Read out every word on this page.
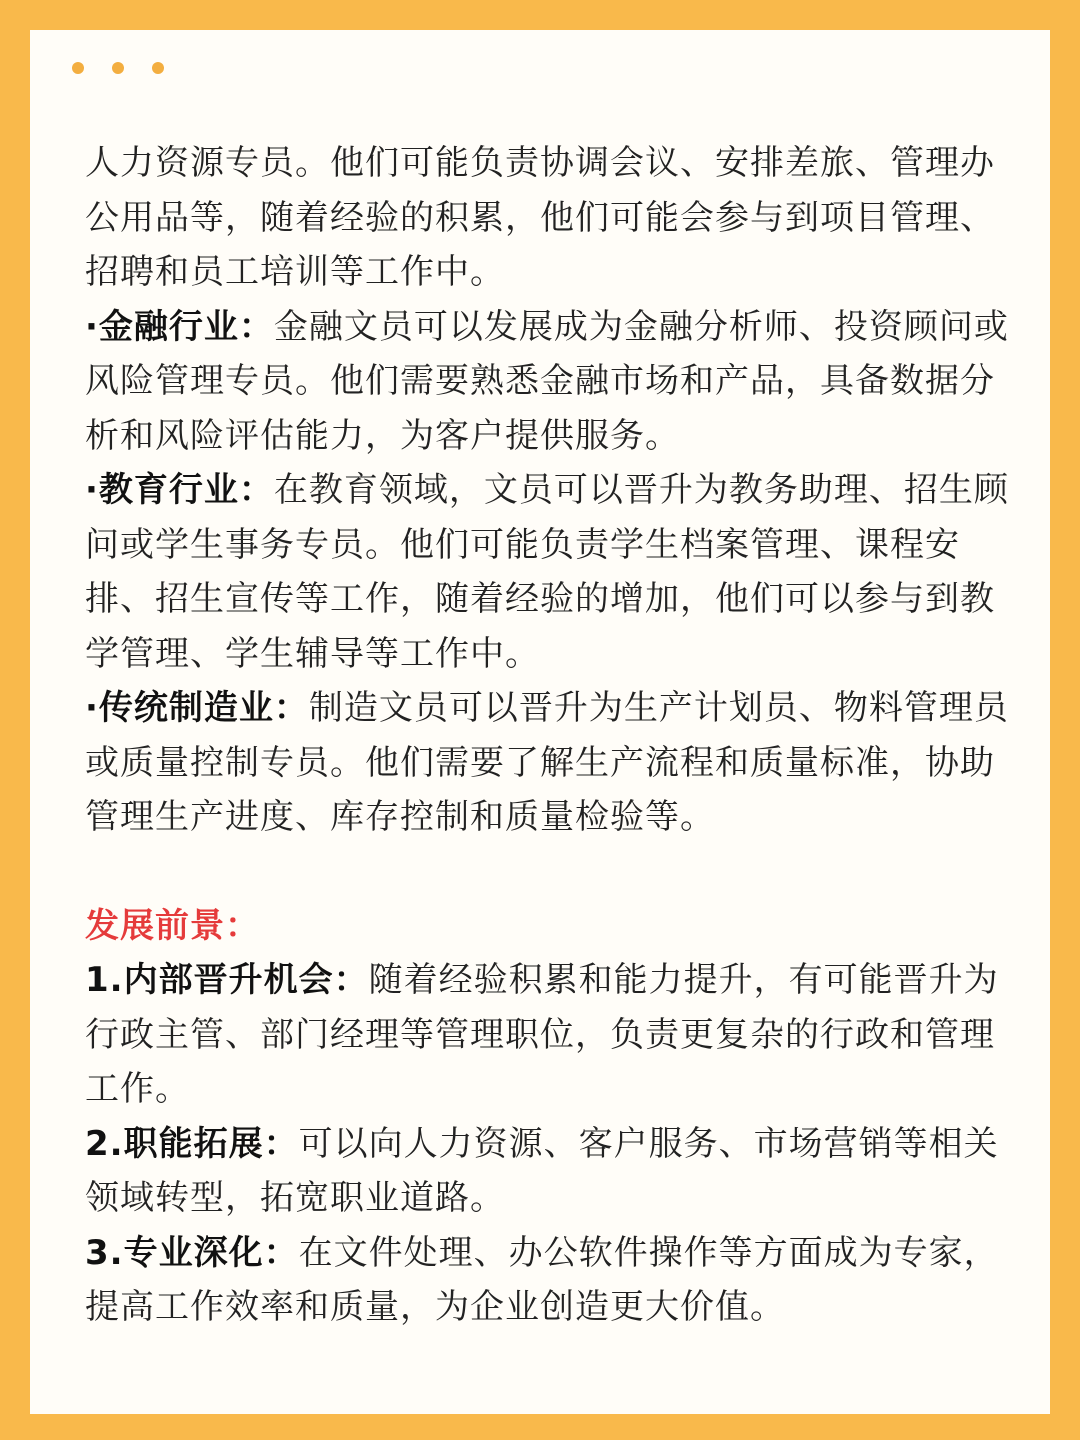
人力资源专员。他们可能负责协调会议、安排差旅、管理办公用品等，随着经验的积累，他们可能会参与到项目管理、招聘和员工培训等工作中。

·金融行业：金融文员可以发展成为金融分析师、投资顾问或风险管理专员。他们需要熟悉金融市场和产品，具备数据分析和风险评估能力，为客户提供服务。

·教育行业：在教育领域，文员可以晋升为教务助理、招生顾问或学生事务专员。他们可能负责学生档案管理、课程安排、招生宣传等工作，随着经验的增加，他们可以参与到教学管理、学生辅导等工作中。

·传统制造业：制造文员可以晋升为生产计划员、物料管理员或质量控制专员。他们需要了解生产流程和质量标准，协助管理生产进度、库存控制和质量检验等。

发展前景：

1.内部晋升机会：随着经验积累和能力提升，有可能晋升为行政主管、部门经理等管理职位，负责更复杂的行政和管理工作。

2.职能拓展：可以向人力资源、客户服务、市场营销等相关领域转型，拓宽职业道路。

3.专业深化：在文件处理、办公软件操作等方面成为专家，提高工作效率和质量，为企业创造更大价值。
